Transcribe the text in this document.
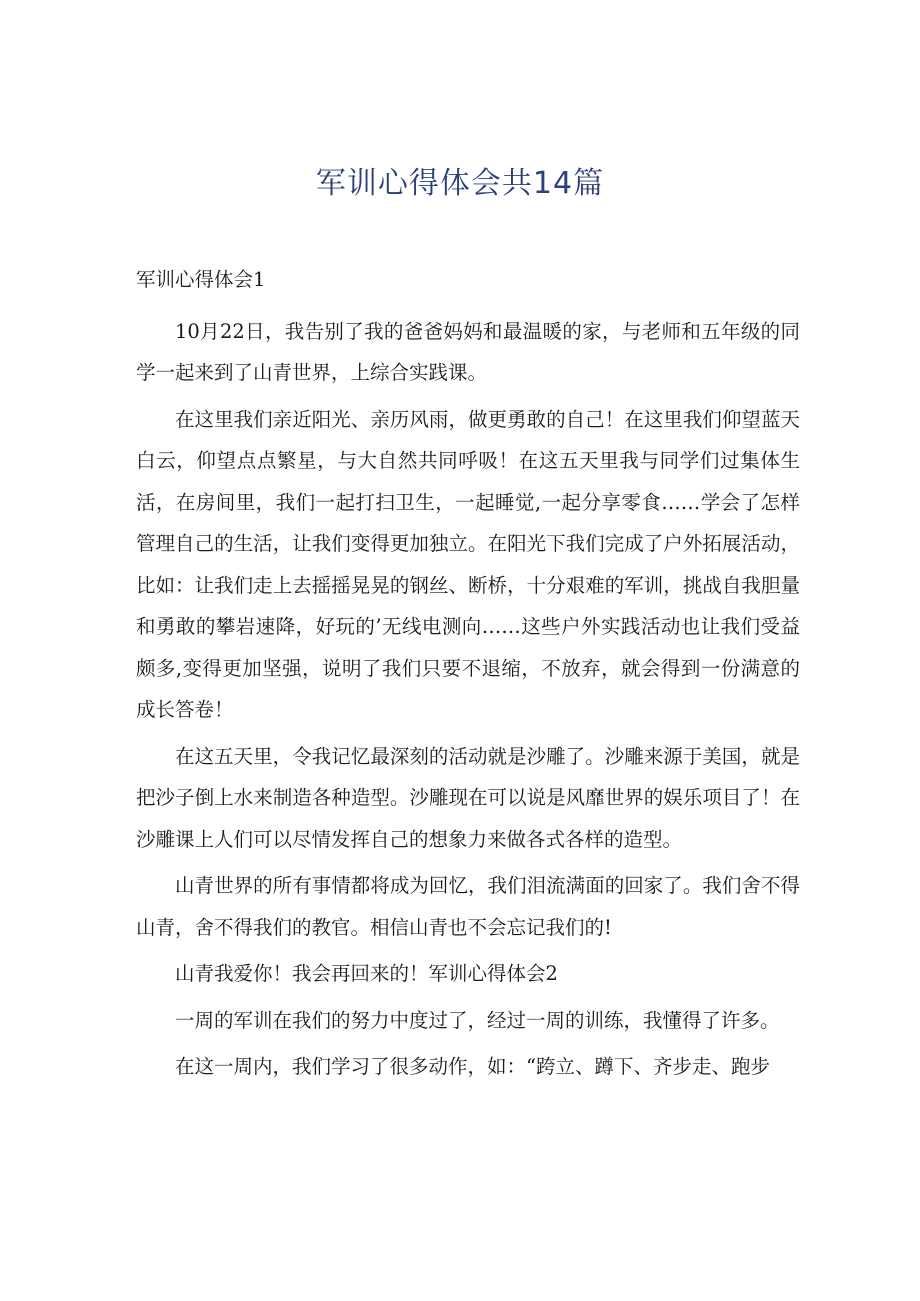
军训心得体会共14篇

军训心得体会1

10月22日，我告别了我的爸爸妈妈和最温暖的家，与老师和五年级的同学一起来到了山青世界，上综合实践课。

在这里我们亲近阳光、亲历风雨，做更勇敢的自己！在这里我们仰望蓝天白云，仰望点点繁星，与大自然共同呼吸！在这五天里我与同学们过集体生活，在房间里，我们一起打扫卫生，一起睡觉,一起分享零食……学会了怎样管理自己的生活，让我们变得更加独立。在阳光下我们完成了户外拓展活动，比如：让我们走上去摇摇晃晃的钢丝、断桥，十分艰难的军训，挑战自我胆量和勇敢的攀岩速降，好玩的’无线电测向……这些户外实践活动也让我们受益颇多,变得更加坚强，说明了我们只要不退缩，不放弃，就会得到一份满意的成长答卷！

在这五天里，令我记忆最深刻的活动就是沙雕了。沙雕来源于美国，就是把沙子倒上水来制造各种造型。沙雕现在可以说是风靡世界的娱乐项目了！在沙雕课上人们可以尽情发挥自己的想象力来做各式各样的造型。

山青世界的所有事情都将成为回忆，我们泪流满面的回家了。我们舍不得山青，舍不得我们的教官。相信山青也不会忘记我们的!

山青我爱你！我会再回来的！军训心得体会2

一周的军训在我们的努力中度过了，经过一周的训练，我懂得了许多。

在这一周内，我们学习了很多动作，如：“跨立、蹲下、齐步走、跑步
